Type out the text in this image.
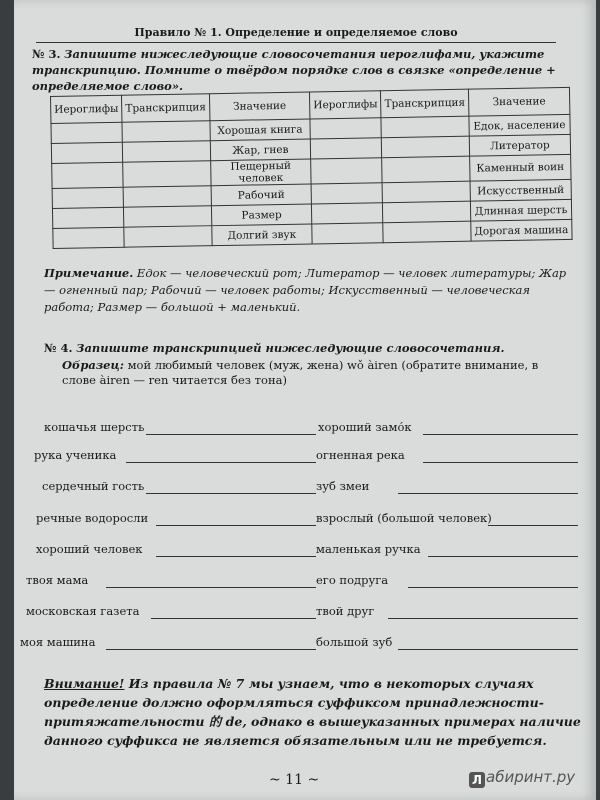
Правило № 1. Определение и определяемое слово
№ 3. Запишите нижеследующие словосочетания иероглифами, укажите транскрипцию. Помните о твёрдом порядке слов в связке «определение + определяемое слово».
Иероглифы	Транскрипция	Значение	Иероглифы	Транскрипция	Значение
		Хорошая книга			Едок, население
		Жар, гнев			Литератор
		Пещерный человек			Каменный воин
		Рабочий			Искусственный
		Размер			Длинная шерсть
		Долгий звук			Дорогая машина
Примечание. Едок — человеческий рот; Литератор — человек литературы; Жар — огненный пар; Рабочий — человек работы; Искусственный — человеческая работа; Размер — большой + маленький.
№ 4. Запишите транскрипцией нижеследующие словосочетания.
Образец: мой любимый человек (муж, жена) wǒ àiren (обратите внимание, в слове àiren — ren читается без тона)
кошачья шерсть
рука ученика
сердечный гость
речные водоросли
хороший человек
твоя мама
московская газета
моя машина
хороший замо́к
огненная река
зуб змеи
взрослый (большой человек)
маленькая ручка
его подруга
твой друг
большой зуб
Внимание! Из правила № 7 мы узнаем, что в некоторых случаях определение должно оформляться суффиксом принадлежности-притяжательности 的 de, однако в вышеуказанных примерах наличие данного суффикса не является обязательным или не требуется.
~ 11 ~	Л абиринт.ру
